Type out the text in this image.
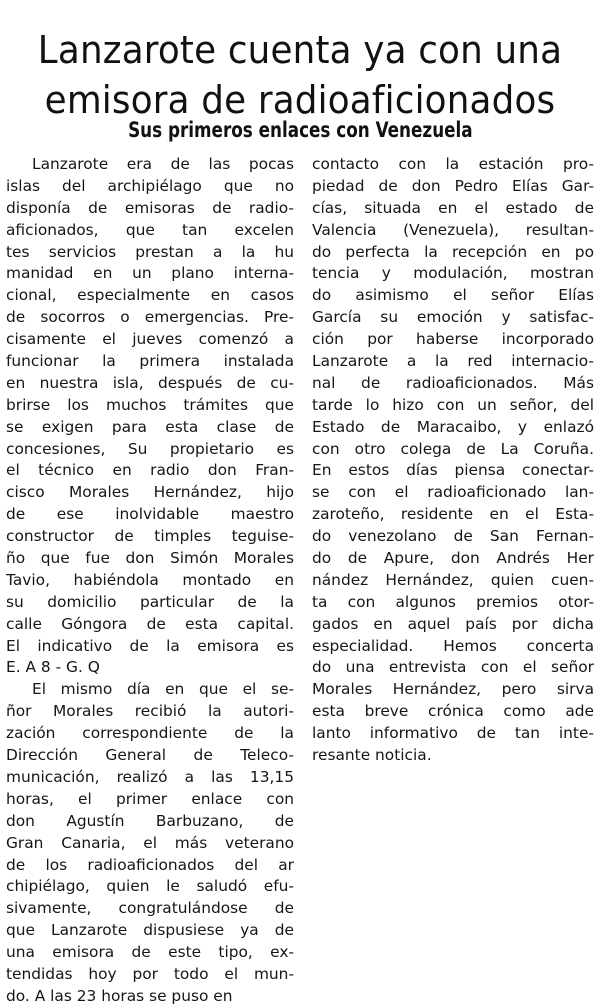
Lanzarote cuenta ya con una
emisora de radioaficionados
Sus primeros enlaces con Venezuela
Lanzarote era de las pocas
islas del archipiélago que no
disponía de emisoras de radio-
aficionados, que tan excelen
tes servicios prestan a la hu
manidad en un plano interna-
cional, especialmente en casos
de socorros o emergencias. Pre-
cisamente el jueves comenzó a
funcionar la primera instalada
en nuestra isla, después de cu-
brirse los muchos trámites que
se exigen para esta clase de
concesiones, Su propietario es
el técnico en radio don Fran-
cisco Morales Hernández, hijo
de ese inolvidable maestro
constructor de timples teguise-
ño que fue don Simón Morales
Tavio, habiéndola montado en
su domicilio particular de la
calle Góngora de esta capital.
El indicativo de la emisora es
E. A 8 - G. Q
El mismo día en que el se-
ñor Morales recibió la autori-
zación correspondiente de la
Dirección General de Teleco-
municación, realizó a las 13,15
horas, el primer enlace con
don Agustín Barbuzano, de
Gran Canaria, el más veterano
de los radioaficionados del ar
chipiélago, quien le saludó efu-
sivamente, congratulándose de
que Lanzarote dispusiese ya de
una emisora de este tipo, ex-
tendidas hoy por todo el mun-
do. A las 23 horas se puso en
contacto con la estación pro-
piedad de don Pedro Elías Gar-
cías, situada en el estado de
Valencia (Venezuela), resultan-
do perfecta la recepción en po
tencia y modulación, mostran
do asimismo el señor Elías
García su emoción y satisfac-
ción por haberse incorporado
Lanzarote a la red internacio-
nal de radioaficionados. Más
tarde lo hizo con un señor, del
Estado de Maracaibo, y enlazó
con otro colega de La Coruña.
En estos días piensa conectar-
se con el radioaficionado lan-
zaroteño, residente en el Esta-
do venezolano de San Fernan-
do de Apure, don Andrés Her
nández Hernández, quien cuen-
ta con algunos premios otor-
gados en aquel país por dicha
especialidad. Hemos concerta
do una entrevista con el señor
Morales Hernández, pero sirva
esta breve crónica como ade
lanto informativo de tan inte-
resante noticia.
